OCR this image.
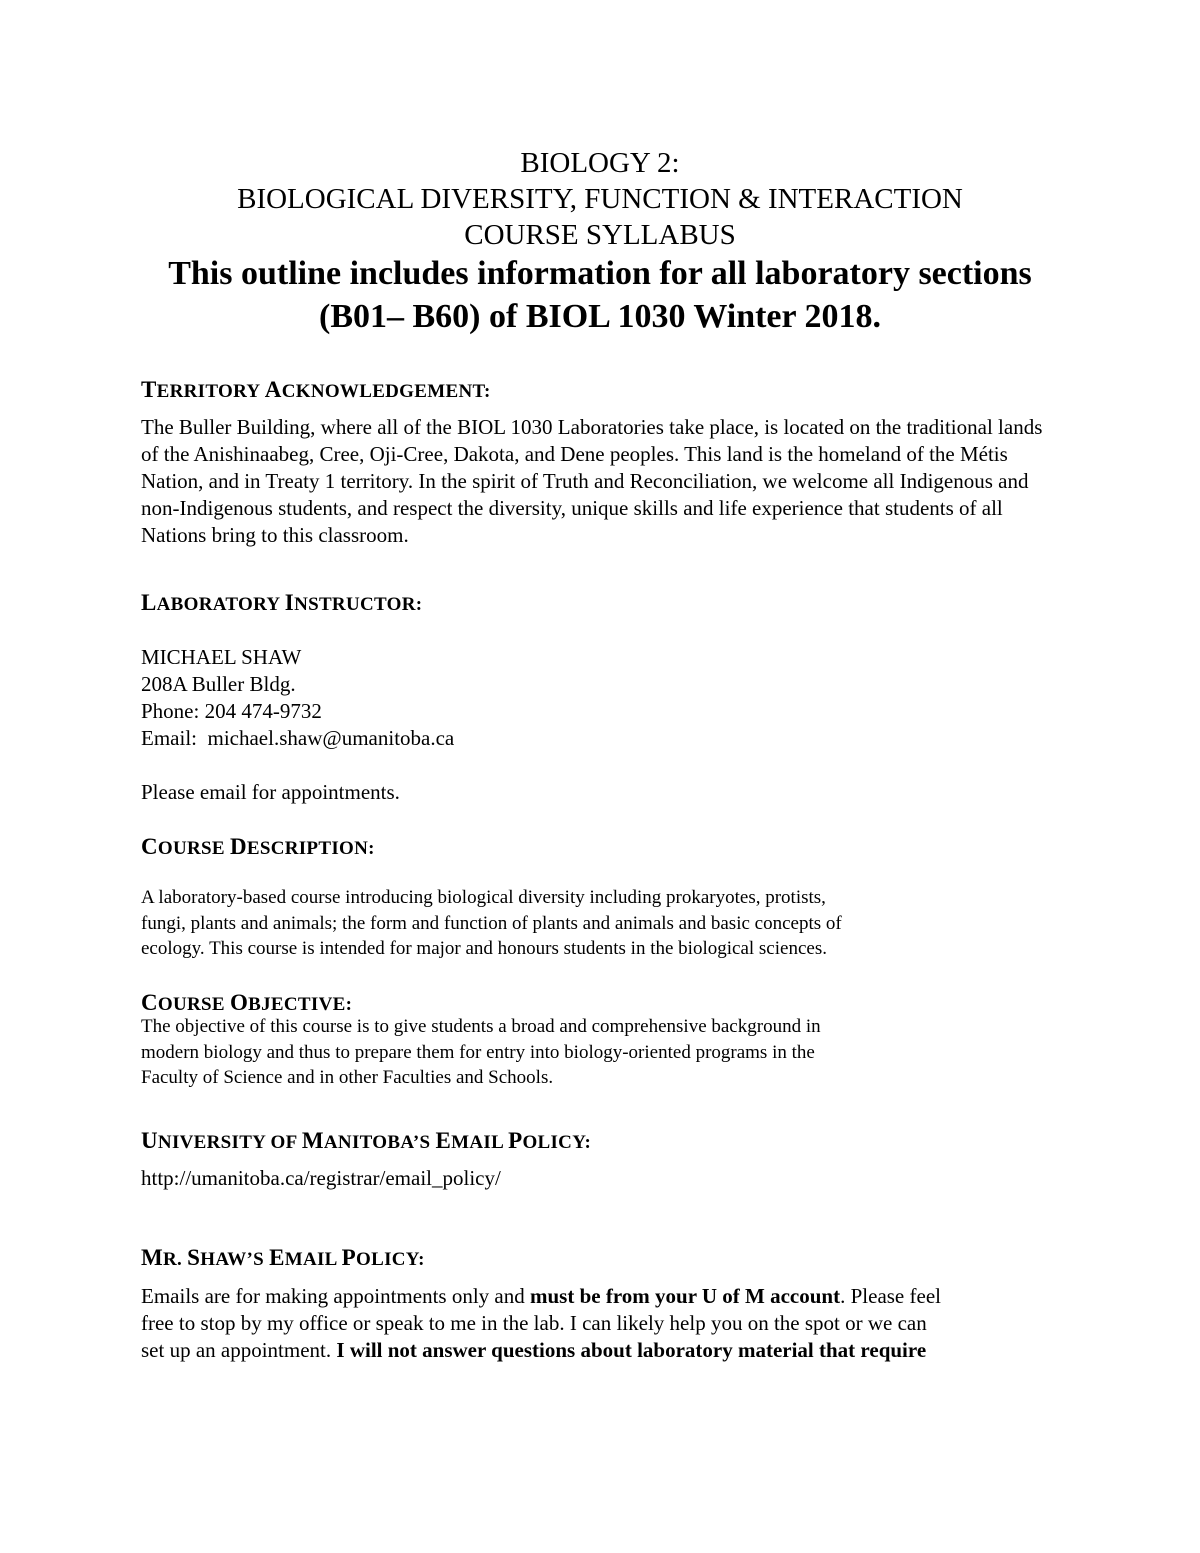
BIOLOGY 2:
BIOLOGICAL DIVERSITY, FUNCTION & INTERACTION
COURSE SYLLABUS
This outline includes information for all laboratory sections
(B01– B60) of BIOL 1030 Winter 2018.
TERRITORY ACKNOWLEDGEMENT:
The Buller Building, where all of the BIOL 1030 Laboratories take place, is located on the traditional lands of the Anishinaabeg, Cree, Oji-Cree, Dakota, and Dene peoples. This land is the homeland of the Métis Nation, and in Treaty 1 territory. In the spirit of Truth and Reconciliation, we welcome all Indigenous and non-Indigenous students, and respect the diversity, unique skills and life experience that students of all Nations bring to this classroom.
LABORATORY INSTRUCTOR:
MICHAEL SHAW
208A Buller Bldg.
Phone: 204 474-9732
Email: michael.shaw@umanitoba.ca
Please email for appointments.
COURSE DESCRIPTION:
A laboratory-based course introducing biological diversity including prokaryotes, protists,
fungi, plants and animals; the form and function of plants and animals and basic concepts of
ecology. This course is intended for major and honours students in the biological sciences.
COURSE OBJECTIVE:
The objective of this course is to give students a broad and comprehensive background in
modern biology and thus to prepare them for entry into biology-oriented programs in the
Faculty of Science and in other Faculties and Schools.
UNIVERSITY OF MANITOBA’S EMAIL POLICY:
http://umanitoba.ca/registrar/email_policy/
MR. SHAW’S EMAIL POLICY:
Emails are for making appointments only and must be from your U of M account. Please feel
free to stop by my office or speak to me in the lab. I can likely help you on the spot or we can
set up an appointment. I will not answer questions about laboratory material that require
